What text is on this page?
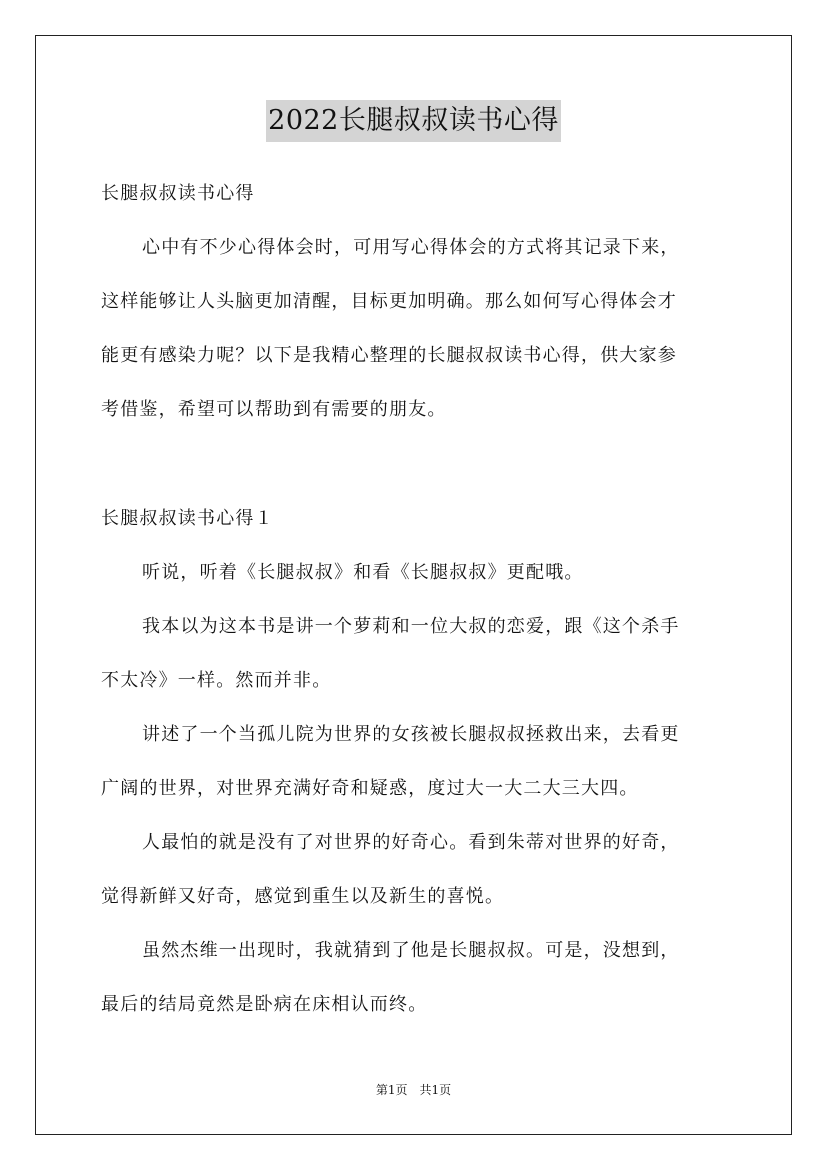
2022长腿叔叔读书心得
长腿叔叔读书心得
心中有不少心得体会时，可用写心得体会的方式将其记录下来，
这样能够让人头脑更加清醒，目标更加明确。那么如何写心得体会才
能更有感染力呢？以下是我精心整理的长腿叔叔读书心得，供大家参
考借鉴，希望可以帮助到有需要的朋友。
长腿叔叔读书心得１
听说，听着《长腿叔叔》和看《长腿叔叔》更配哦。
我本以为这本书是讲一个萝莉和一位大叔的恋爱，跟《这个杀手
不太冷》一样。然而并非。
讲述了一个当孤儿院为世界的女孩被长腿叔叔拯救出来，去看更
广阔的世界，对世界充满好奇和疑惑，度过大一大二大三大四。
人最怕的就是没有了对世界的好奇心。看到朱蒂对世界的好奇，
觉得新鲜又好奇，感觉到重生以及新生的喜悦。
虽然杰维一出现时，我就猜到了他是长腿叔叔。可是，没想到，
最后的结局竟然是卧病在床相认而终。
第1页　共1页
